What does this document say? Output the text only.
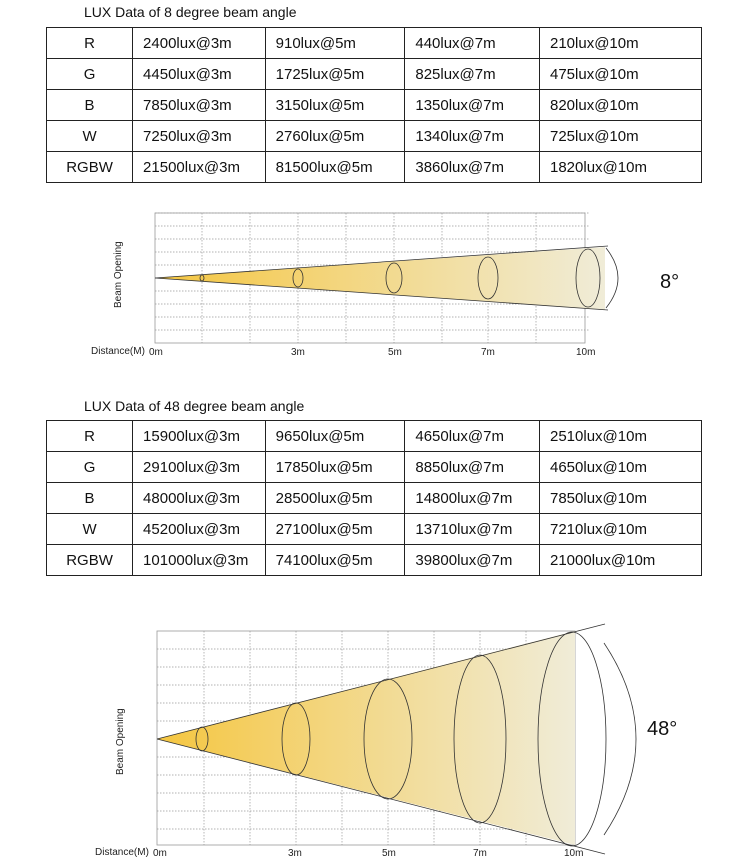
LUX Data of 8 degree beam angle
R	2400lux@3m	910lux@5m	440lux@7m	210lux@10m
G	4450lux@3m	1725lux@5m	825lux@7m	475lux@10m
B	7850lux@3m	3150lux@5m	1350lux@7m	820lux@10m
W	7250lux@3m	2760lux@5m	1340lux@7m	725lux@10m
RGBW	21500lux@3m	81500lux@5m	3860lux@7m	1820lux@10m
8°
Beam Opening
Distance(M) 0m	3m	5m	7m	10m
LUX Data of 48 degree beam angle
R	15900lux@3m	9650lux@5m	4650lux@7m	2510lux@10m
G	29100lux@3m	17850lux@5m	8850lux@7m	4650lux@10m
B	48000lux@3m	28500lux@5m	14800lux@7m	7850lux@10m
W	45200lux@3m	27100lux@5m	13710lux@7m	7210lux@10m
RGBW	101000lux@3m	74100lux@5m	39800lux@7m	21000lux@10m
48°
Beam Opening
Distance(M) 0m	3m	5m	7m	10m
